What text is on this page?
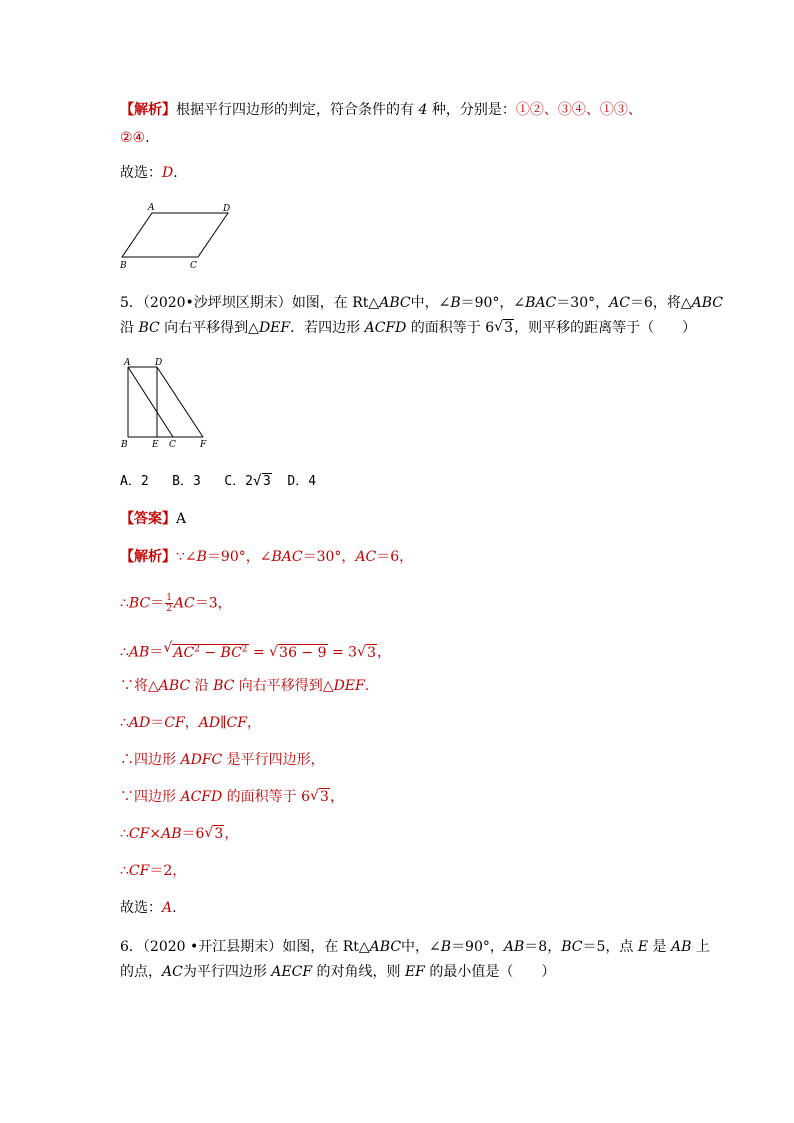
【解析】根据平行四边形的判定，符合条件的有 4 种，分别是：①②、③④、①③、
②④.
故选：D.
A	D
B	C
5．（2020•沙坪坝区期末）如图，在 Rt△ABC中，∠B＝90°，∠BAC＝30°，AC＝6，将△ABC
沿 BC 向右平移得到△DEF．若四边形 ACFD 的面积等于 6 √ 3，则平移的距离等于（　　）
A	D
B	E C	F
A．2 B．3 C．2 √ 3 D．4
【答案】A
【解析】∵∠B＝90°，∠BAC＝30°，AC＝6，
∴BC＝ $\frac{1}{2} AC=3$，
∴AB＝ √ $AC^2 - BC^2$ = √ 36 − 9 = 3 √ 3，
∵将△ABC 沿 BC 向右平移得到△DEF.
∴AD＝CF，AD∥CF，
∴四边形 ADFC 是平行四边形，
∵四边形 ACFD 的面积等于 6 √ 3，
∴CF×AB＝6 √ 3，
∴CF＝2，
故选：A.
6．（2020 •开江县期末）如图，在 Rt△ABC中，∠B＝90°，AB＝8，BC＝5，点 E 是 AB 上
的点，AC为平行四边形 AECF 的对角线，则 EF 的最小值是（　　）
